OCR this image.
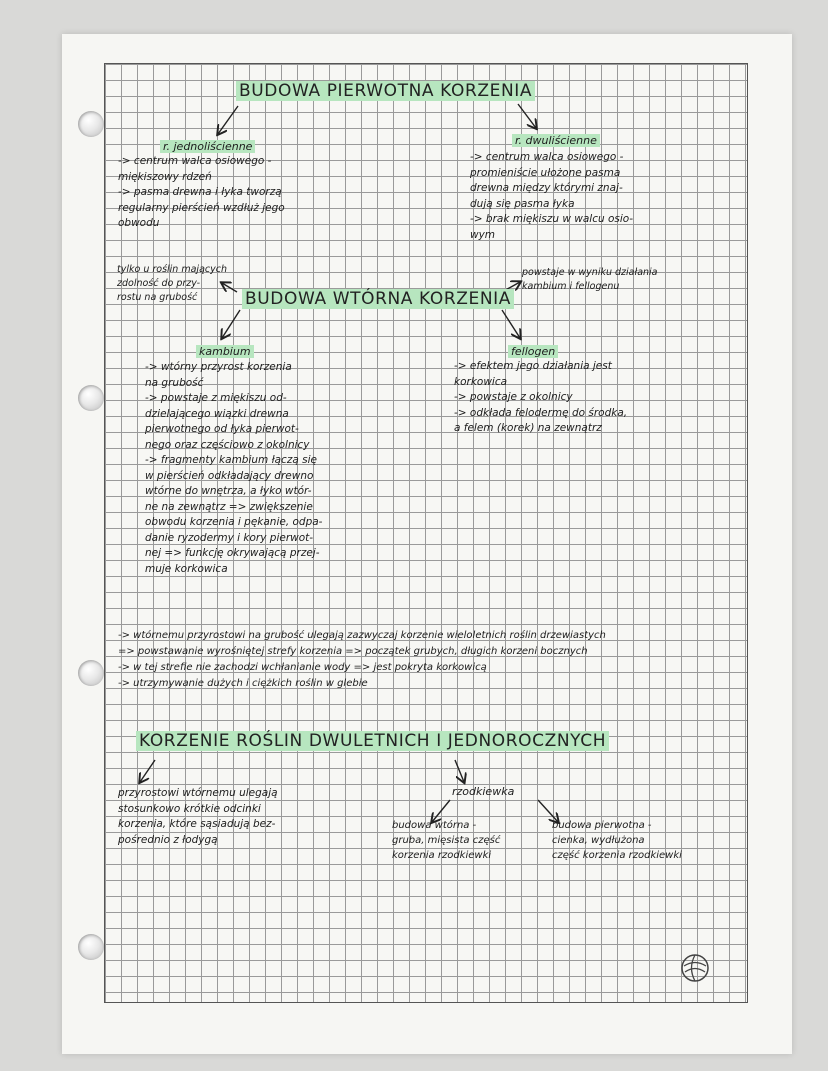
BUDOWA PIERWOTNA KORZENIA
r. jednoliścienne
-> centrum walca osiowego -
miękiszowy rdzeń
-> pasma drewna i łyka tworzą
regularny pierścień wzdłuż jego
obwodu
r. dwuliścienne
-> centrum walca osiowego -
promieniście ułożone pasma
drewna między którymi znaj-
dują się pasma łyka
-> brak miękiszu w walcu osio-
wym
tylko u roślin mających
zdolność do przy-
rostu na grubość	BUDOWA WTÓRNA KORZENIA
powstaje w wyniku działania
kambium i fellogenu
kambium
-> wtórny przyrost korzenia
na grubość
-> powstaje z miękiszu od-
dzielającego wiązki drewna
pierwotnego od łyka pierwot-
nego oraz częściowo z okolnicy
-> fragmenty kambium łączą się
w pierścień odkładający drewno
wtórne do wnętrza, a łyko wtór-
ne na zewnątrz => zwiększenie
obwodu korzenia i pękanie, odpa-
danie ryzodermy i kory pierwot-
nej => funkcję okrywającą przej-
muje korkowica
fellogen
-> efektem jego działania jest
korkowica
-> powstaje z okolnicy
-> odkłada felodermę do środka,
a felem (korek) na zewnątrz
-> wtórnemu przyrostowi na grubość ulegają zazwyczaj korzenie wieloletnich roślin drzewiastych
=> powstawanie wyrośniętej strefy korzenia => początek grubych, długich korzeni bocznych
-> w tej strefie nie zachodzi wchłanianie wody => jest pokryta korkowicą
-> utrzymywanie dużych i ciężkich roślin w glebie
KORZENIE ROŚLIN DWULETNICH I JEDNOROCZNYCH
przyrostowi wtórnemu ulegają
stosunkowo krótkie odcinki
korzenia, które sąsiadują bez-
pośrednio z łodygą
rzodkiewka
budowa wtórna -
gruba, mięsista część
korzenia rzodkiewki
budowa pierwotna -
cienka, wydłużona
część korzenia rzodkiewki
